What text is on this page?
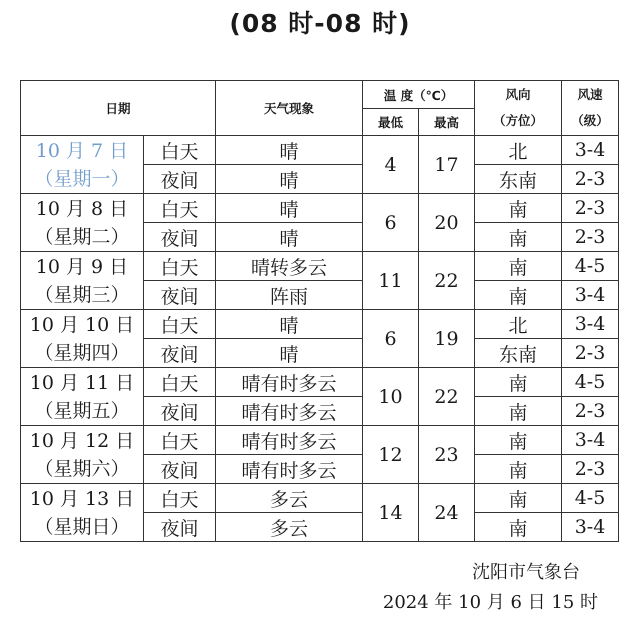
(08 时-08 时)
日期		天气现象	温 度（℃）		风向
（方位）	风速
（级）

			最低	最高		

10 月 7 日
（星期一）	白天	晴	4	17	北	3-4
	夜间	晴			东南	2-3

10 月 8 日
（星期二）	白天	晴	6	20	南	2-3
	夜间	晴			南	2-3

10 月 9 日
（星期三）	白天	晴转多云	11	22	南	4-5
	夜间	阵雨			南	3-4

10 月 10 日
（星期四）	白天	晴	6	19	北	3-4
	夜间	晴			东南	2-3

10 月 11 日
（星期五）	白天	晴有时多云	10	22	南	4-5
	夜间	晴有时多云			南	2-3

10 月 12 日
（星期六）	白天	晴有时多云	12	23	南	3-4
	夜间	晴有时多云			南	2-3

10 月 13 日
（星期日）	白天	多云	14	24	南	4-5
	夜间	多云			南	3-4
沈阳市气象台
2024 年 10 月 6 日 15 时
